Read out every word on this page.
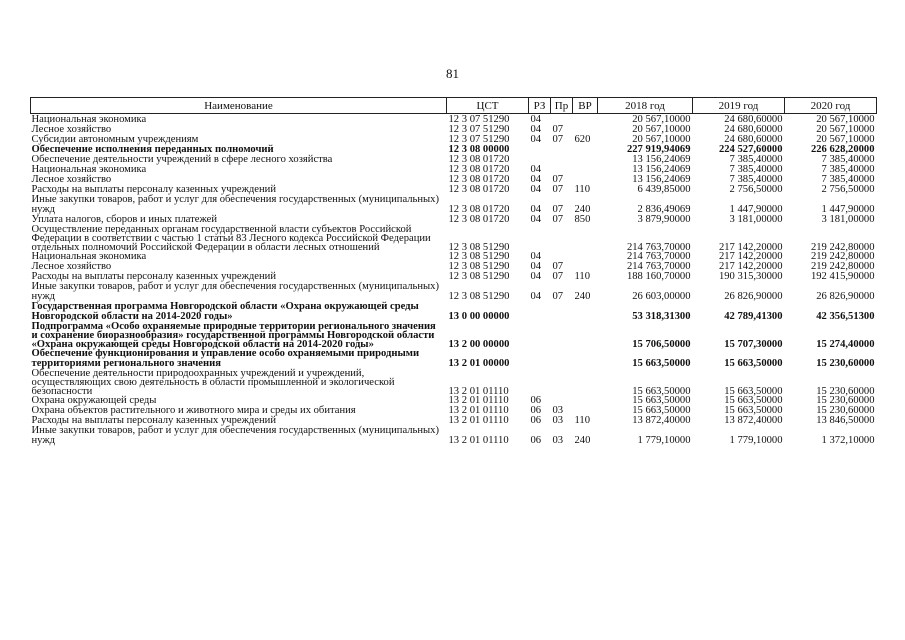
81
Наименование	ЦСТ	РЗ	Пр	ВР	2018 год	2019 год	2020 год
Национальная экономика	12 3 07 51290	04			20 567,10000	24 680,60000	20 567,10000
Лесное хозяйство	12 3 07 51290	04	07		20 567,10000	24 680,60000	20 567,10000
Субсидии автономным учреждениям	12 3 07 51290	04	07	620	20 567,10000	24 680,60000	20 567,10000
Обеспечение исполнения переданных полномочий	12 3 08 00000				227 919,94069	224 527,60000	226 628,20000
Обеспечение деятельности учреждений в сфере лесного хозяйства	12 3 08 01720				13 156,24069	7 385,40000	7 385,40000
Национальная экономика	12 3 08 01720	04			13 156,24069	7 385,40000	7 385,40000
Лесное хозяйство	12 3 08 01720	04	07		13 156,24069	7 385,40000	7 385,40000
Расходы на выплаты персоналу казенных учреждений	12 3 08 01720	04	07	110	6 439,85000	2 756,50000	2 756,50000
Иные закупки товаров, работ и услуг для обеспечения государственных (муниципальных) нужд	12 3 08 01720	04	07	240	2 836,49069	1 447,90000	1 447,90000
Уплата налогов, сборов и иных платежей	12 3 08 01720	04	07	850	3 879,90000	3 181,00000	3 181,00000
Осуществление переданных органам государственной власти субъектов Российской Федерации в соответствии с частью 1 статьи 83 Лесного кодекса Российской Федерации отдельных полномочий Российской Федерации в области лесных отношений	12 3 08 51290				214 763,70000	217 142,20000	219 242,80000
Национальная экономика	12 3 08 51290	04			214 763,70000	217 142,20000	219 242,80000
Лесное хозяйство	12 3 08 51290	04	07		214 763,70000	217 142,20000	219 242,80000
Расходы на выплаты персоналу казенных учреждений	12 3 08 51290	04	07	110	188 160,70000	190 315,30000	192 415,90000
Иные закупки товаров, работ и услуг для обеспечения государственных (муниципальных) нужд	12 3 08 51290	04	07	240	26 603,00000	26 826,90000	26 826,90000
Государственная программа Новгородской области «Охрана окружающей среды Новгородской области на 2014-2020 годы»	13 0 00 00000				53 318,31300	42 789,41300	42 356,51300
Подпрограмма «Особо охраняемые природные территории регионального значения и сохранение биоразнообразия» государственной программы Новгородской области «Охрана окружающей среды Новгородской области на 2014-2020 годы»	13 2 00 00000				15 706,50000	15 707,30000	15 274,40000
Обеспечение функционирования и управление особо охраняемыми природными территориями регионального значения	13 2 01 00000				15 663,50000	15 663,50000	15 230,60000
Обеспечение деятельности природоохранных учреждений и учреждений, осуществляющих свою деятельность в области промышленной и экологической безопасности	13 2 01 01110				15 663,50000	15 663,50000	15 230,60000
Охрана окружающей среды	13 2 01 01110	06			15 663,50000	15 663,50000	15 230,60000
Охрана объектов растительного и животного мира и среды их обитания	13 2 01 01110	06	03		15 663,50000	15 663,50000	15 230,60000
Расходы на выплаты персоналу казенных учреждений	13 2 01 01110	06	03	110	13 872,40000	13 872,40000	13 846,50000
Иные закупки товаров, работ и услуг для обеспечения государственных (муниципальных) нужд	13 2 01 01110	06	03	240	1 779,10000	1 779,10000	1 372,10000
